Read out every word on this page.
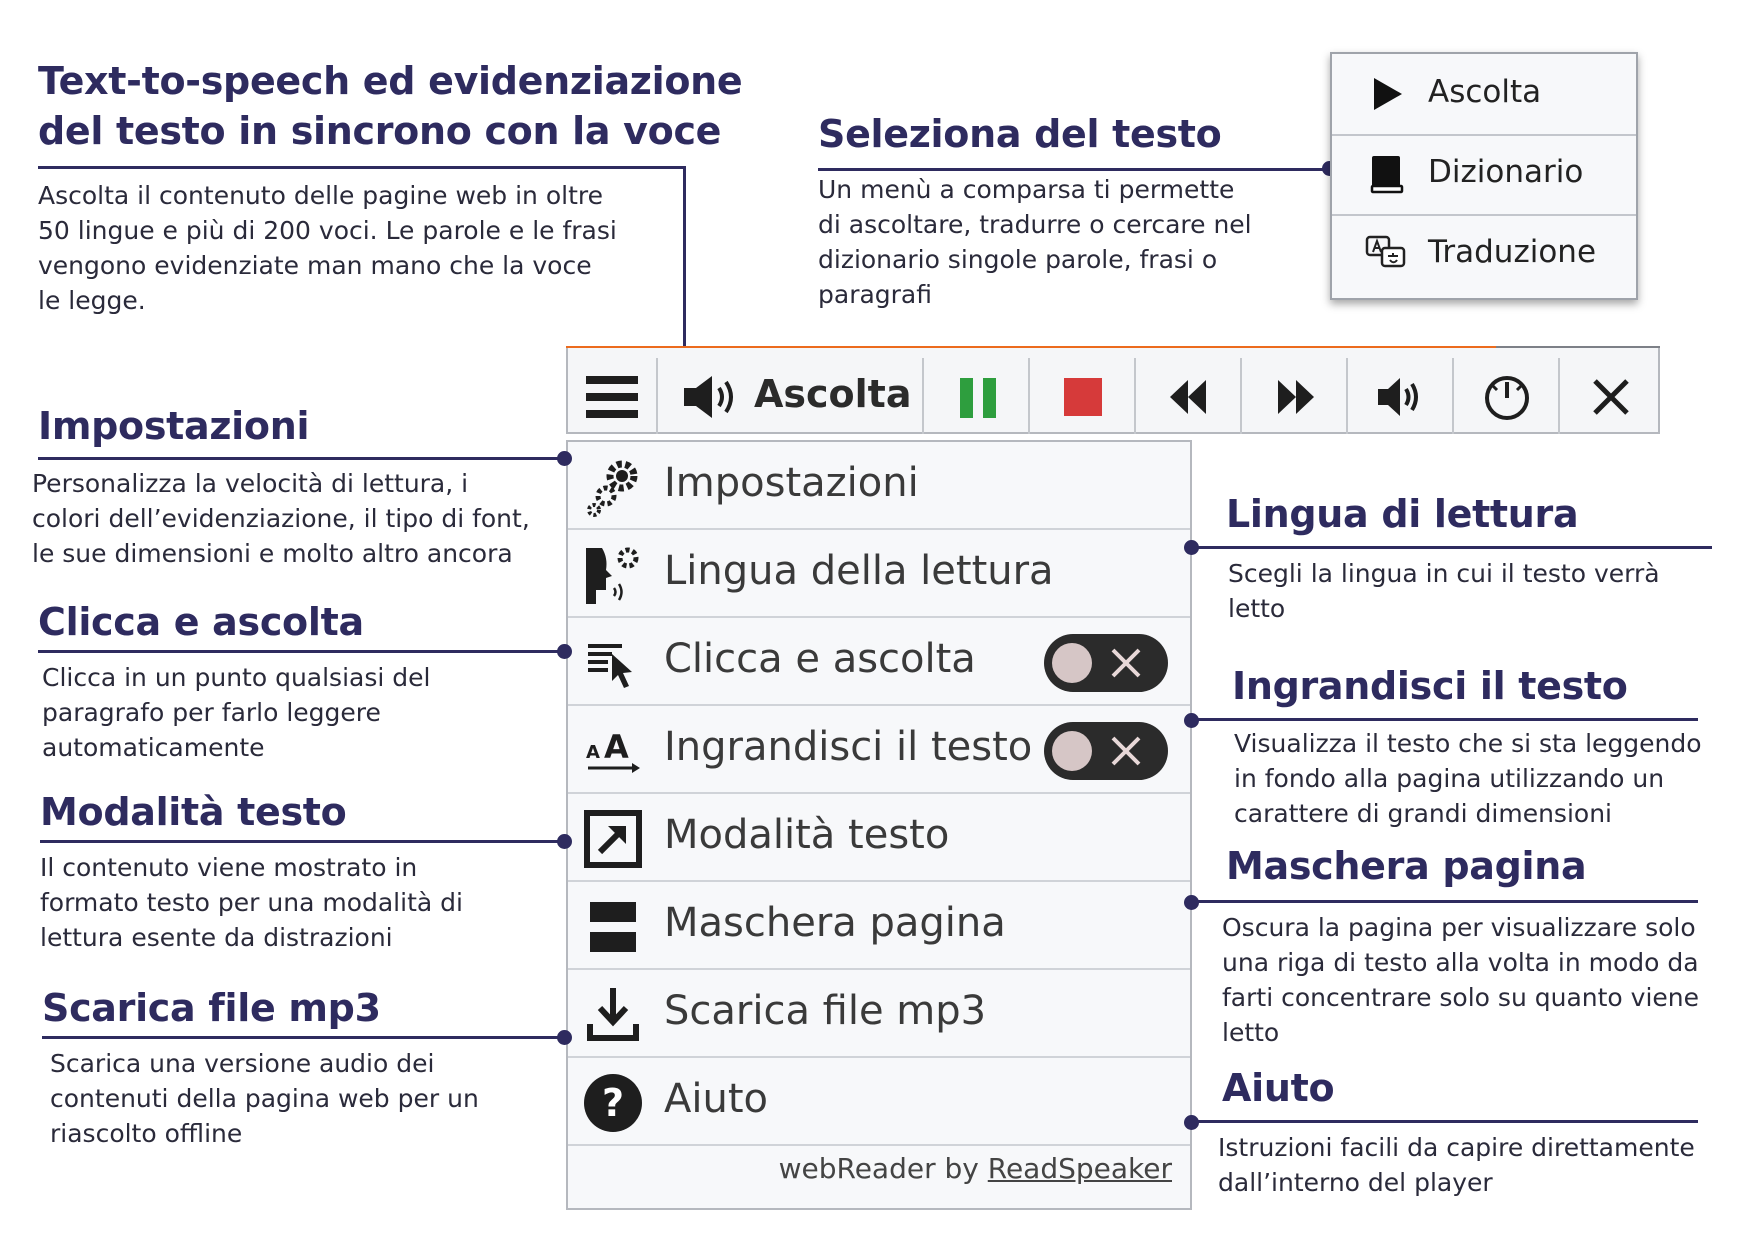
Text-to-speech ed evidenziazione
del testo in sincrono con la voce
Ascolta il contenuto delle pagine web in oltre
50 lingue e più di 200 voci. Le parole e le frasi
vengono evidenziate man mano che la voce
le legge.
Seleziona del testo
Un menù a comparsa ti permette
di ascoltare, tradurre o cercare nel
dizionario singole parole, frasi o
paragrafi
Ascolta
Dizionario
Traduzione
Ascolta
Impostazioni
Lingua della lettura
Clicca e ascolta
A A Ingrandisci il testo
Modalità testo
Maschera pagina
Scarica file mp3
? Aiuto
webReader by ReadSpeaker
Impostazioni
Personalizza la velocità di lettura, i
colori dell’evidenziazione, il tipo di font,
le sue dimensioni e molto altro ancora
Clicca e ascolta
Clicca in un punto qualsiasi del
paragrafo per farlo leggere
automaticamente
Modalità testo
Il contenuto viene mostrato in
formato testo per una modalità di
lettura esente da distrazioni
Scarica file mp3
Scarica una versione audio dei
contenuti della pagina web per un
riascolto offline
Lingua di lettura
Scegli la lingua in cui il testo verrà
letto
Ingrandisci il testo
Visualizza il testo che si sta leggendo
in fondo alla pagina utilizzando un
carattere di grandi dimensioni
Maschera pagina
Oscura la pagina per visualizzare solo
una riga di testo alla volta in modo da
farti concentrare solo su quanto viene
letto
Aiuto
Istruzioni facili da capire direttamente
dall’interno del player
